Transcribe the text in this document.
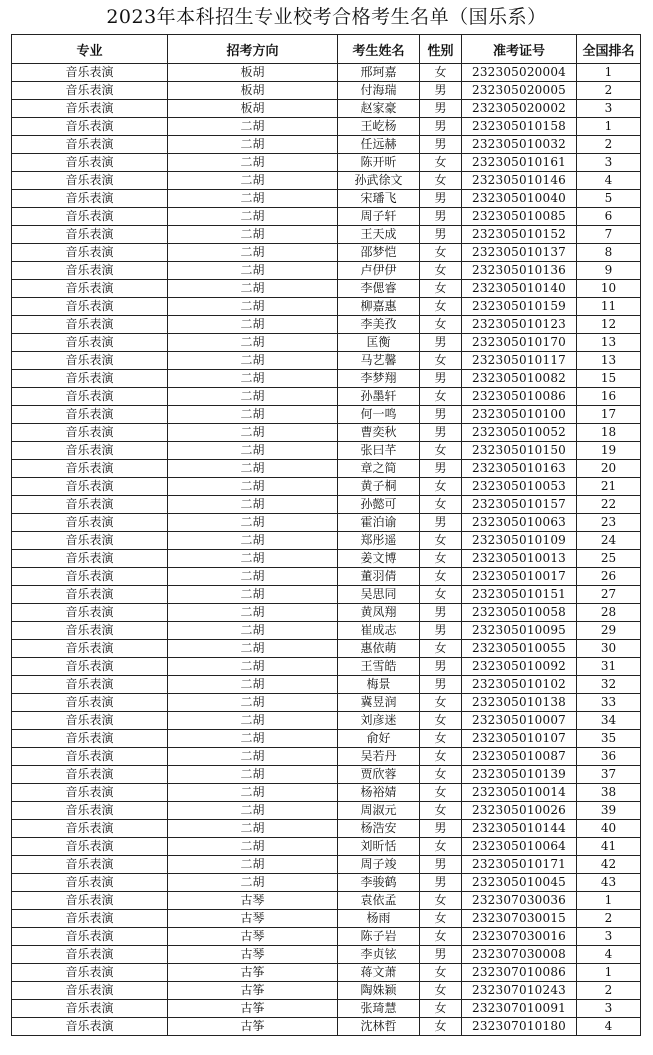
2023年本科招生专业校考合格考生名单（国乐系）
专业	招考方向	考生姓名	性别	准考证号	全国排名
音乐表演	板胡	邢珂嘉	女	232305020004	1
音乐表演	板胡	付海瑞	男	232305020005	2
音乐表演	板胡	赵家豪	男	232305020002	3
音乐表演	二胡	王屹杨	男	232305010158	1
音乐表演	二胡	任远赫	男	232305010032	2
音乐表演	二胡	陈开昕	女	232305010161	3
音乐表演	二胡	孙武徐文	女	232305010146	4
音乐表演	二胡	宋璠飞	男	232305010040	5
音乐表演	二胡	周子轩	男	232305010085	6
音乐表演	二胡	王天成	男	232305010152	7
音乐表演	二胡	邵梦恺	女	232305010137	8
音乐表演	二胡	卢伊伊	女	232305010136	9
音乐表演	二胡	李偲睿	女	232305010140	10
音乐表演	二胡	柳嘉惠	女	232305010159	11
音乐表演	二胡	李美孜	女	232305010123	12
音乐表演	二胡	匡衡	男	232305010170	13
音乐表演	二胡	马艺馨	女	232305010117	13
音乐表演	二胡	李梦翔	男	232305010082	15
音乐表演	二胡	孙墨轩	女	232305010086	16
音乐表演	二胡	何一鸣	男	232305010100	17
音乐表演	二胡	曹奕秋	男	232305010052	18
音乐表演	二胡	张曰芊	女	232305010150	19
音乐表演	二胡	章之简	男	232305010163	20
音乐表演	二胡	黄子桐	女	232305010053	21
音乐表演	二胡	孙懿可	女	232305010157	22
音乐表演	二胡	霍泊谕	男	232305010063	23
音乐表演	二胡	郑彤遥	女	232305010109	24
音乐表演	二胡	姜文博	女	232305010013	25
音乐表演	二胡	董羽倩	女	232305010017	26
音乐表演	二胡	吴思同	女	232305010151	27
音乐表演	二胡	黄凤翔	男	232305010058	28
音乐表演	二胡	崔成志	男	232305010095	29
音乐表演	二胡	惠依萌	女	232305010055	30
音乐表演	二胡	王雪皓	男	232305010092	31
音乐表演	二胡	梅景	男	232305010102	32
音乐表演	二胡	冀昱润	女	232305010138	33
音乐表演	二胡	刘彦迷	女	232305010007	34
音乐表演	二胡	俞好	女	232305010107	35
音乐表演	二胡	吴若丹	女	232305010087	36
音乐表演	二胡	贾欣蓉	女	232305010139	37
音乐表演	二胡	杨裕婧	女	232305010014	38
音乐表演	二胡	周淑元	女	232305010026	39
音乐表演	二胡	杨浩安	男	232305010144	40
音乐表演	二胡	刘昕恬	女	232305010064	41
音乐表演	二胡	周子竣	男	232305010171	42
音乐表演	二胡	李骏鹤	男	232305010045	43
音乐表演	古琴	袁依孟	女	232307030036	1
音乐表演	古琴	杨雨	女	232307030015	2
音乐表演	古琴	陈子岩	女	232307030016	3
音乐表演	古琴	李贞铉	男	232307030008	4
音乐表演	古筝	蒋文萧	女	232307010086	1
音乐表演	古筝	陶姝颖	女	232307010243	2
音乐表演	古筝	张琦慧	女	232307010091	3
音乐表演	古筝	沈林哲	女	232307010180	4
